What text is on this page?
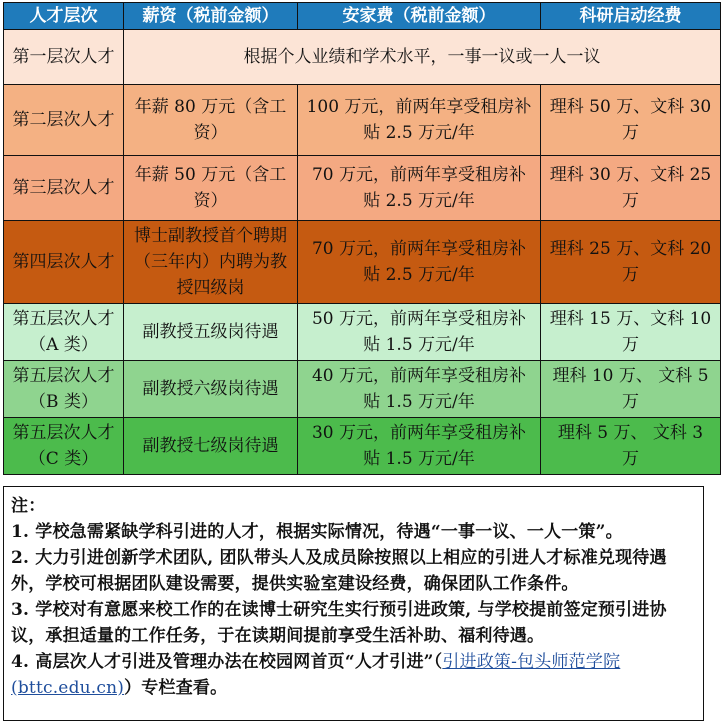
人才层次	薪资（税前金额）	安家费（税前金额）	科研启动经费
第一层次人才	根据个人业绩和学术水平，一事一议或一人一议		
第二层次人才	年薪 80 万元（含工资）	100 万元，前两年享受租房补贴 2.5 万元/年	理科 50 万、文科 30 万
第三层次人才	年薪 50 万元（含工资）	70 万元，前两年享受租房补贴 2.5 万元/年	理科 30 万、文科 25 万
第四层次人才	博士副教授首个聘期（三年内）内聘为教授四级岗	70 万元，前两年享受租房补贴 2.5 万元/年	理科 25 万、文科 20 万
第五层次人才（A 类）	副教授五级岗待遇	50 万元，前两年享受租房补贴 1.5 万元/年	理科 15 万、文科 10 万
第五层次人才（B 类）	副教授六级岗待遇	40 万元，前两年享受租房补贴 1.5 万元/年	理科 10 万、 文科 5 万
第五层次人才（C 类）	副教授七级岗待遇	30 万元，前两年享受租房补贴 1.5 万元/年	理科 5 万、 文科 3 万

注：

1. 学校急需紧缺学科引进的人才，根据实际情况，待遇“一事一议、一人一策”。

2. 大力引进创新学术团队, 团队带头人及成员除按照以上相应的引进人才标准兑现待遇外，学校可根据团队建设需要，提供实验室建设经费，确保团队工作条件。

3. 学校对有意愿来校工作的在读博士研究生实行预引进政策, 与学校提前签定预引进协议，承担适量的工作任务，于在读期间提前享受生活补助、福利待遇。

4. 高层次人才引进及管理办法在校园网首页“人才引进”（引进政策-包头师范学院(bttc.edu.cn)）专栏查看。
